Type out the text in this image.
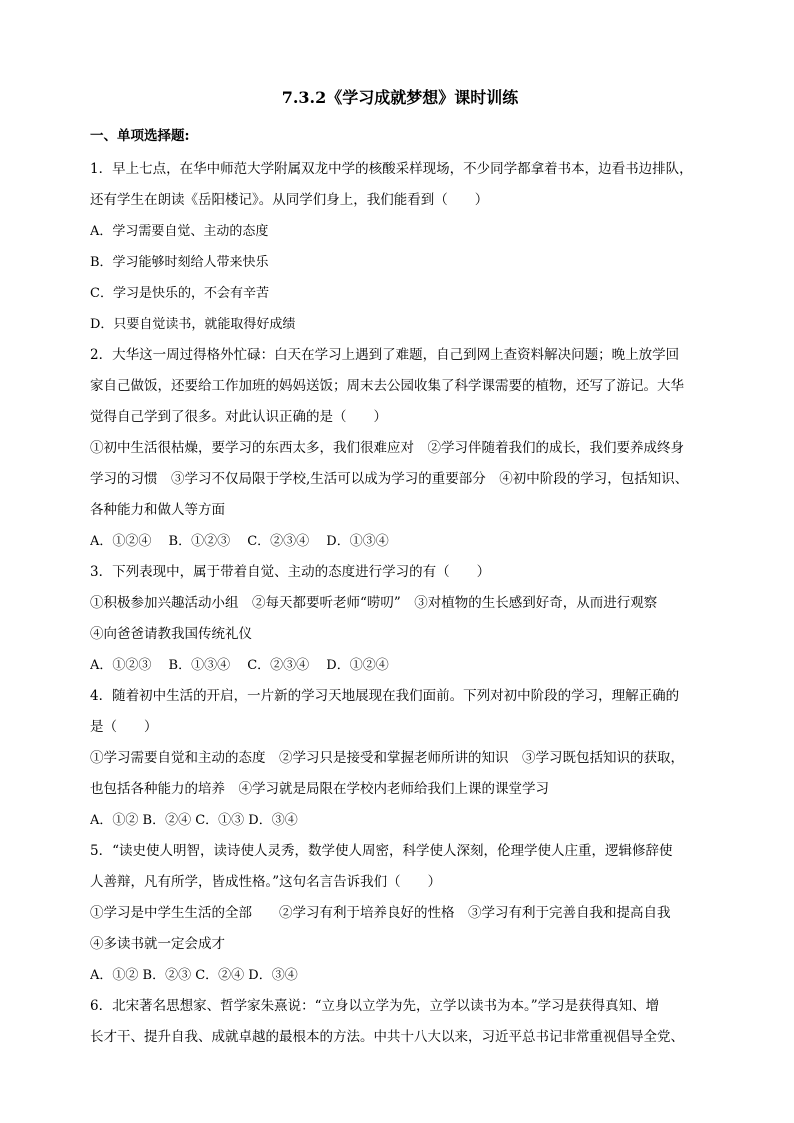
7.3.2《学习成就梦想》课时训练
一、单项选择题:

1．早上七点，在华中师范大学附属双龙中学的核酸采样现场，不少同学都拿着书本，边看书边排队，

还有学生在朗读《岳阳楼记》。从同学们身上，我们能看到（　　）

A．学习需要自觉、主动的态度

B．学习能够时刻给人带来快乐

C．学习是快乐的，不会有辛苦

D．只要自觉读书，就能取得好成绩

2．大华这一周过得格外忙碌：白天在学习上遇到了难题，自己到网上查资料解决问题；晚上放学回

家自己做饭，还要给工作加班的妈妈送饭；周末去公园收集了科学课需要的植物，还写了游记。大华

觉得自己学到了很多。对此认识正确的是（　　）

①初中生活很枯燥，要学习的东西太多，我们很难应对　②学习伴随着我们的成长，我们要养成终身

学习的习惯　③学习不仅局限于学校,生活可以成为学习的重要部分　④初中阶段的学习，包括知识、

各种能力和做人等方面

A．①②④　 B．①②③　 C．②③④　 D．①③④

3．下列表现中，属于带着自觉、主动的态度进行学习的有（　　）

①积极参加兴趣活动小组　②每天都要听老师“唠叨”　③对植物的生长感到好奇，从而进行观察

④向爸爸请教我国传统礼仪

A．①②③　 B．①③④　 C．②③④　 D．①②④

4．随着初中生活的开启，一片新的学习天地展现在我们面前。下列对初中阶段的学习，理解正确的

是（　　）

①学习需要自觉和主动的态度　②学习只是接受和掌握老师所讲的知识　③学习既包括知识的获取，

也包括各种能力的培养　④学习就是局限在学校内老师给我们上课的课堂学习

A．①② B．②④ C．①③ D．③④

5．“读史使人明智，读诗使人灵秀，数学使人周密，科学使人深刻，伦理学使人庄重，逻辑修辞使

人善辩，凡有所学，皆成性格。”这句名言告诉我们（　　）

①学习是中学生生活的全部　　②学习有利于培养良好的性格　③学习有利于完善自我和提高自我

④多读书就一定会成才

A．①② B．②③ C．②④ D．③④

6．北宋著名思想家、哲学家朱熹说：“立身以立学为先，立学以读书为本。”学习是获得真知、增

长才干、提升自我、成就卓越的最根本的方法。中共十八大以来，习近平总书记非常重视倡导全党、
